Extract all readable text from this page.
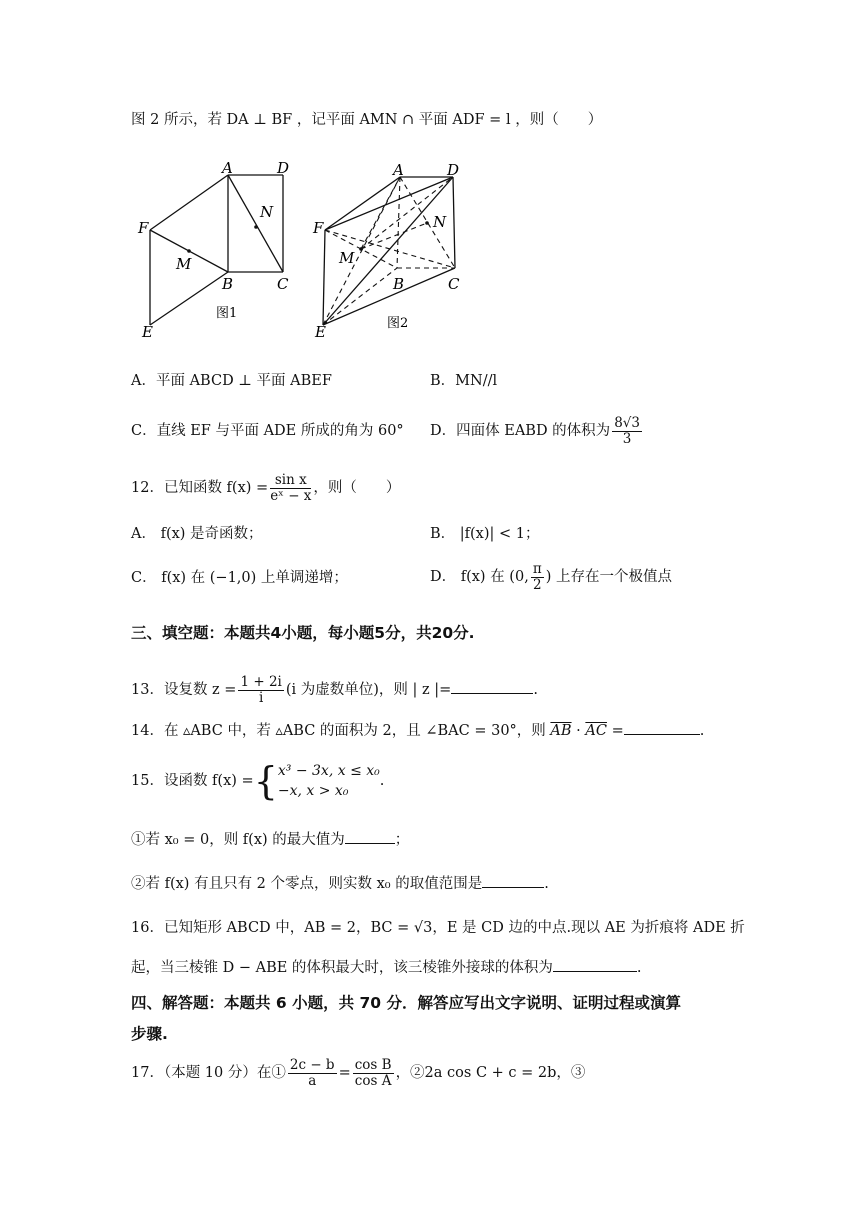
图 2 所示，若 DA ⊥ BF ，记平面 AMN ∩ 平面 ADF = l ，则（　　）
A	D
F
N
M
B	C
E
图1
A	D
F	N
M
B	C
E	图2
A．平面 ABCD ⊥ 平面 ABEF	B．MN//l
C．直线 EF 与平面 ADE 所成的角为 60° D．四面体 EABD 的体积为 $\frac{8√3}{3}$
12．已知函数 $f(x) = \frac{\text{sin x}}{\text{eˣ − x}}$ ，则（　　）
A． f(x) 是奇函数；	B． |f(x)| < 1；
C． f(x) 在 (−1,0) 上单调递增；	D． f(x) 在 (0, $\frac{\pi}{2}$ ) 上存在一个极值点
三、填空题：本题共4小题，每小题5分，共20分.
13．设复数 $z = \frac{1 + 2i}{i} (i$ 为虚数单位)，则 | z |=	.
14．在 ▵ABC 中，若 ▵ABC 的面积为 2，且 ∠BAC = 30°，则 $\overline{AB} \cdot \overline{AC}$ =	.
15．设函数 f(x) ={ x³ − 3x, x ≤ x₀
−x, x > x₀
.
①若 x₀ = 0，则 f(x) 的最大值为	；
②若 f(x) 有且只有 2 个零点，则实数 x₀ 的取值范围是	.
16．已知矩形 ABCD 中，AB = 2，BC = √3，E 是 CD 边的中点.现以 AE 为折痕将 ADE 折
起，当三棱锥 D − ABE 的体积最大时，该三棱锥外接球的体积为	.
四、解答题：本题共 6 小题，共 70 分．解答应写出文字说明、证明过程或演算
步骤.
17．（本题 10 分）在① $\frac{2c - b}{a} = \frac{\text{cos B}}{\text{cos A}}$ ，②2a cos C + c = 2b，③
